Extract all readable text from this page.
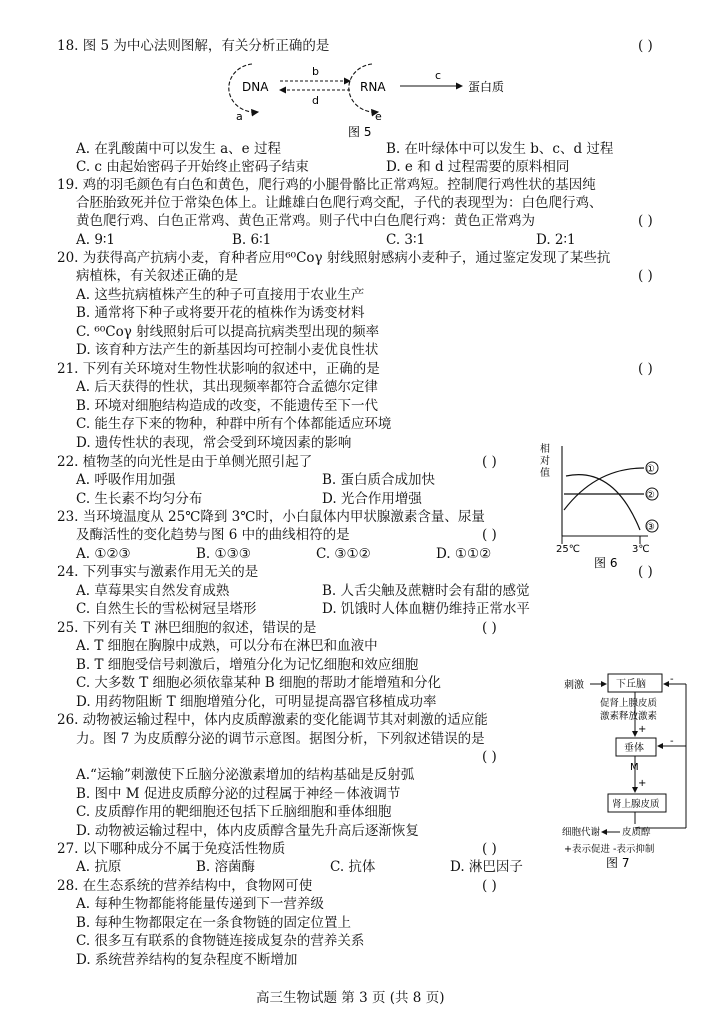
18. 图 5 为中心法则图解，有关分析正确的是	( )
DNA	RNA
b
d
c
蛋白质
a	e
图 5
A. 在乳酸菌中可以发生 a、e 过程	B. 在叶绿体中可以发生 b、c、d 过程
C. c 由起始密码子开始终止密码子结束	D. e 和 d 过程需要的原料相同
19. 鸡的羽毛颜色有白色和黄色，爬行鸡的小腿骨骼比正常鸡短。控制爬行鸡性状的基因纯
合胚胎致死并位于常染色体上。让雌雄白色爬行鸡交配，子代的表现型为：白色爬行鸡、
黄色爬行鸡、白色正常鸡、黄色正常鸡。则子代中白色爬行鸡：黄色正常鸡为	( )
A. 9∶1	B. 6∶1	C. 3∶1	D. 2∶1
20. 为获得高产抗病小麦，育种者应用⁶⁰Coγ 射线照射感病小麦种子，通过鉴定发现了某些抗
病植株，有关叙述正确的是	( )
A. 这些抗病植株产生的种子可直接用于农业生产
B. 通常将下种子或将要开花的植株作为诱变材料
C. ⁶⁰Coγ 射线照射后可以提高抗病类型出现的频率
D. 该育种方法产生的新基因均可控制小麦优良性状
21. 下列有关环境对生物性状影响的叙述中，正确的是	( )
A. 后天获得的性状，其出现频率都符合孟德尔定律
B. 环境对细胞结构造成的改变，不能遗传至下一代
C. 能生存下来的物种，种群中所有个体都能适应环境
D. 遗传性状的表现，常会受到环境因素的影响
22. 植物茎的向光性是由于单侧光照引起了	( )
A. 呼吸作用加强	B. 蛋白质合成加快
C. 生长素不均匀分布	D. 光合作用增强
相
对
值	①
②
③
25℃	3℃
图 6
23. 当环境温度从 25℃降到 3℃时，小白鼠体内甲状腺激素含量、尿量
及酶活性的变化趋势与图 6 中的曲线相符的是	( )
A. ①②③	B. ①③③	C. ③①②	D. ①①②
24. 下列事实与激素作用无关的是	( )
A. 草莓果实自然发育成熟	B. 人舌尖触及蔗糖时会有甜的感觉
C. 自然生长的雪松树冠呈塔形	D. 饥饿时人体血糖仍维持正常水平
25. 下列有关 T 淋巴细胞的叙述，错误的是	( )
A. T 细胞在胸腺中成熟，可以分布在淋巴和血液中
B. T 细胞受信号刺激后，增殖分化为记忆细胞和效应细胞
C. 大多数 T 细胞必须依靠某种 B 细胞的帮助才能增殖和分化
D. 用药物阻断 T 细胞增殖分化，可明显提高器官移植成功率
刺激	下丘脑
促肾上腺皮质
激素释放激素
+
垂体
M
+
肾上腺皮质
-
-
细胞代谢 皮质醇
+表示促进 -表示抑制
图 7
26. 动物被运输过程中，体内皮质醇激素的变化能调节其对刺激的适应能
力。图 7 为皮质醇分泌的调节示意图。据图分析，下列叙述错误的是
( )
A.“运输”刺激使下丘脑分泌激素增加的结构基础是反射弧
B. 图中 M 促进皮质醇分泌的过程属于神经－体液调节
C. 皮质醇作用的靶细胞还包括下丘脑细胞和垂体细胞
D. 动物被运输过程中，体内皮质醇含量先升高后逐渐恢复
27. 以下哪种成分不属于免疫活性物质	( )
A. 抗原	B. 溶菌酶	C. 抗体	D. 淋巴因子
28. 在生态系统的营养结构中，食物网可使	( )
A. 每种生物都能将能量传递到下一营养级
B. 每种生物都限定在一条食物链的固定位置上
C. 很多互有联系的食物链连接成复杂的营养关系
D. 系统营养结构的复杂程度不断增加
高三生物试题 第 3 页 (共 8 页)
